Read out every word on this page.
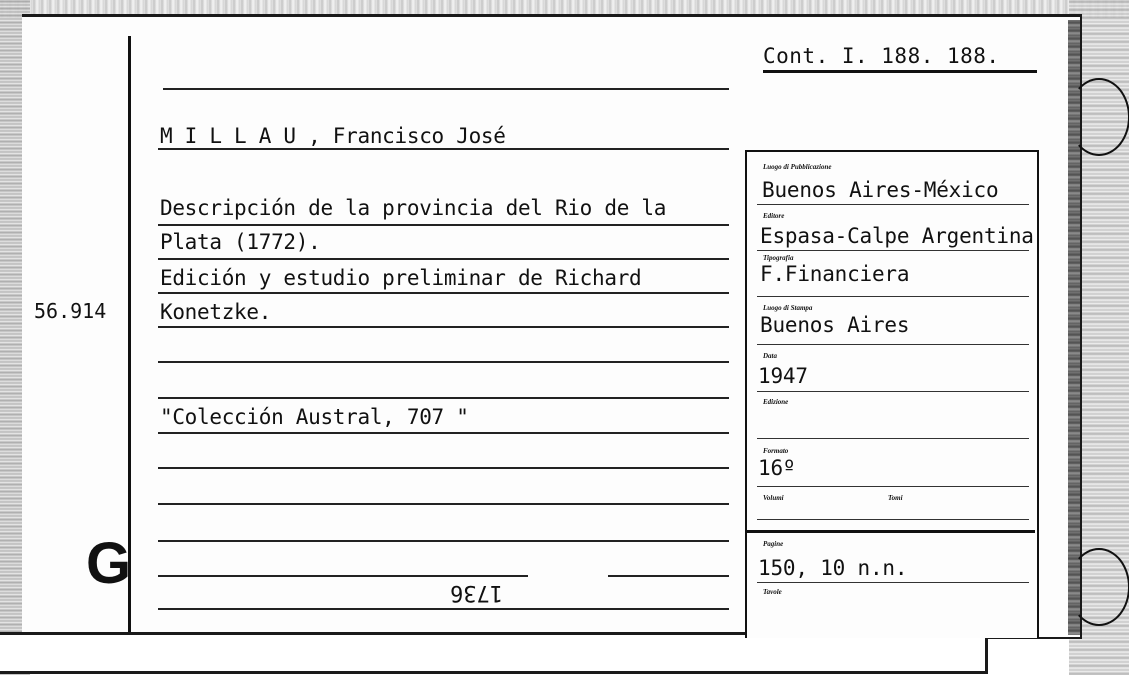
Cont. I. 188. 188.
56.914
G
M I L L A U , Francisco José
Descripción de la provincia del Rio de la
Plata (1772).
Edición y estudio preliminar de Richard
Konetzke.
"Colección Austral, 707 "
1736
Luogo di Pubblicazione
Buenos Aires-México
Editore
Espasa-Calpe Argentina
Tipografia
F.Financiera
Luogo di Stampa
Buenos Aires
Data
1947
Edizione
Formato
16º
Volumi	Tomi
Pagine
150, 10 n.n.
Tavole
